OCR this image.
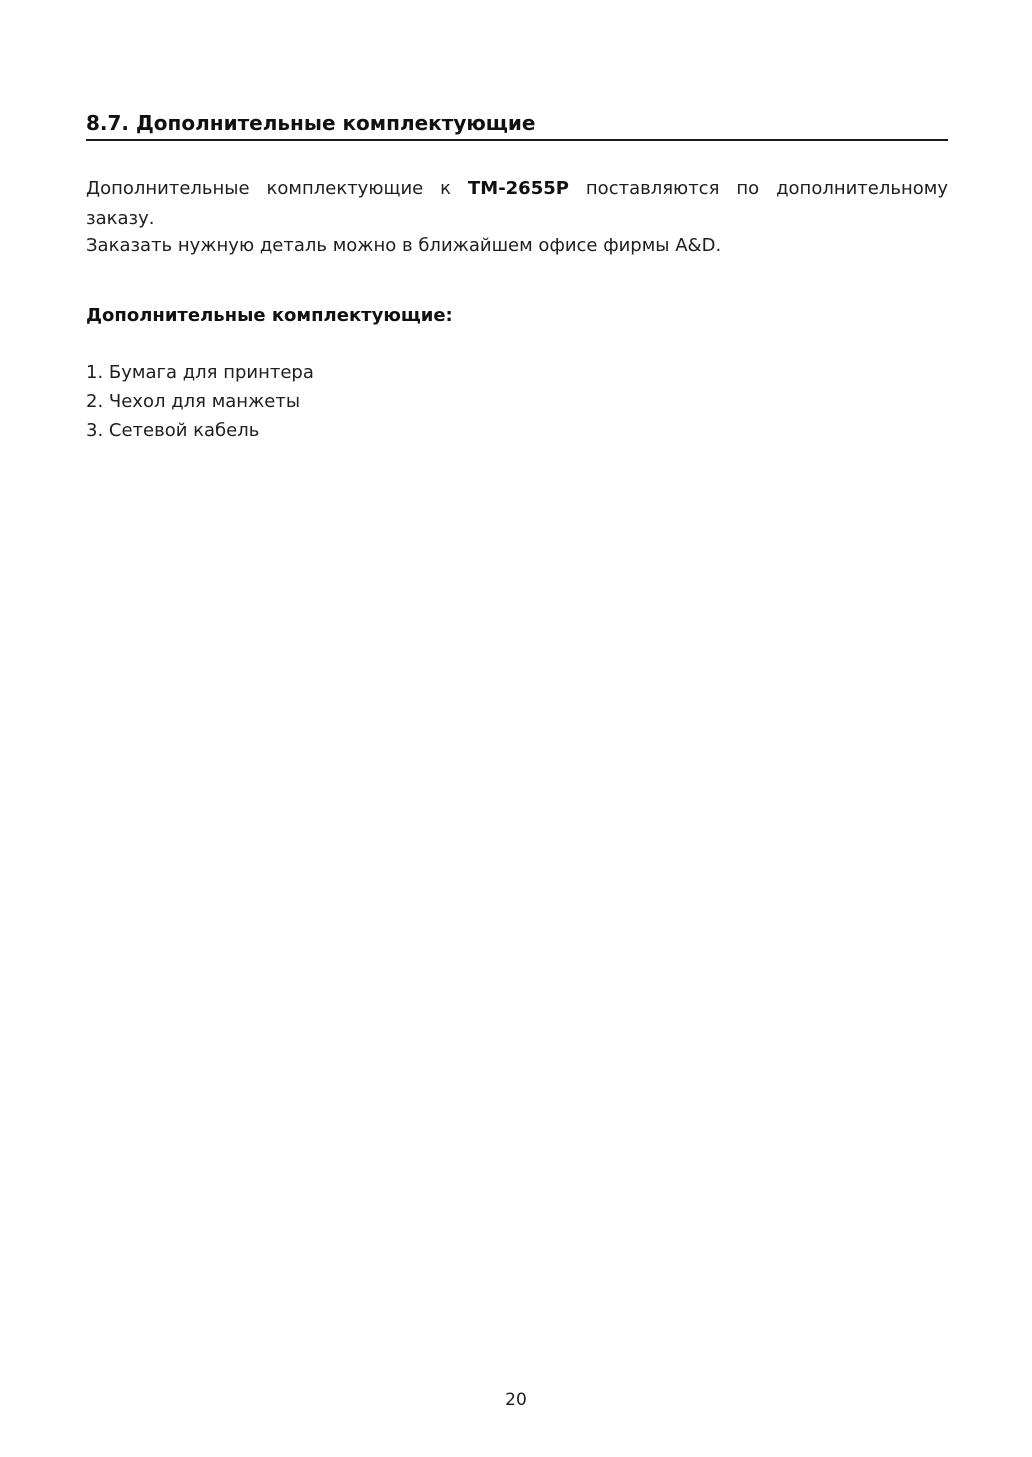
8.7. Дополнительные комплектующие

Дополнительные комплектующие к TM-2655P поставляются по дополнительному заказу.

Заказать нужную деталь можно в ближайшем офисе фирмы A&D.

Дополнительные комплектующие:

1. Бумага для принтера
2. Чехол для манжеты
3. Сетевой кабель
20
